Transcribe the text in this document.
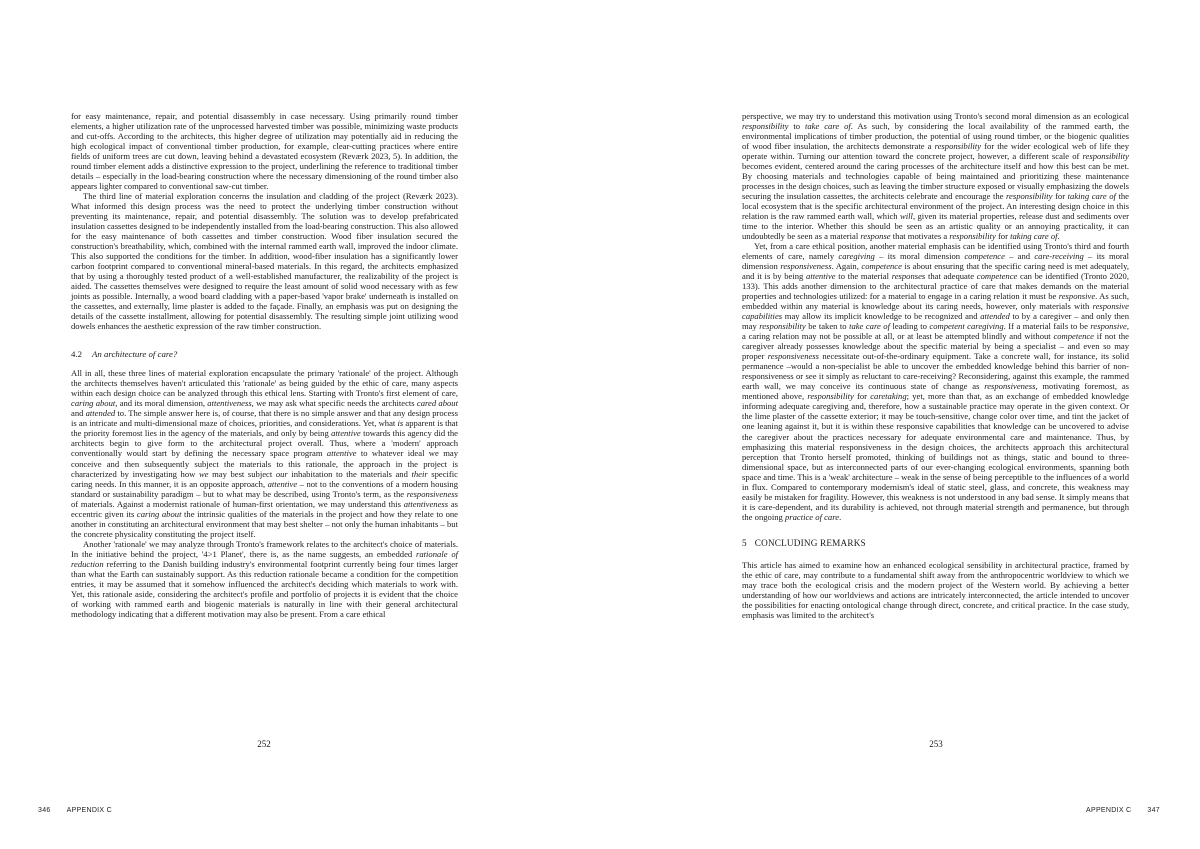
for easy maintenance, repair, and potential disassembly in case necessary. Using primarily round timber elements, a higher utilization rate of the unprocessed harvested timber was possible, minimizing waste products and cut-offs. According to the architects, this higher degree of utilization may potentially aid in reducing the high ecological impact of conventional timber production, for example, clear-cutting practices where entire fields of uniform trees are cut down, leaving behind a devastated ecosystem (Reværk 2023, 5). In addition, the round timber element adds a distinctive expression to the project, underlining the reference to traditional timber details – especially in the load-bearing construction where the necessary dimensioning of the round timber also appears lighter compared to conventional saw-cut timber.

The third line of material exploration concerns the insulation and cladding of the project (Reværk 2023). What informed this design process was the need to protect the underlying timber construction without preventing its maintenance, repair, and potential disassembly. The solution was to develop prefabricated insulation cassettes designed to be independently installed from the load-bearing construction. This also allowed for the easy maintenance of both cassettes and timber construction. Wood fiber insulation secured the construction's breathability, which, combined with the internal rammed earth wall, improved the indoor climate. This also supported the conditions for the timber. In addition, wood-fiber insulation has a significantly lower carbon footprint compared to conventional mineral-based materials. In this regard, the architects emphasized that by using a thoroughly tested product of a well-established manufacturer, the realizability of the project is aided. The cassettes themselves were designed to require the least amount of solid wood necessary with as few joints as possible. Internally, a wood board cladding with a paper-based 'vapor brake' underneath is installed on the cassettes, and externally, lime plaster is added to the façade. Finally, an emphasis was put on designing the details of the cassette installment, allowing for potential disassembly. The resulting simple joint utilizing wood dowels enhances the aesthetic expression of the raw timber construction.

4.2 An architecture of care?

All in all, these three lines of material exploration encapsulate the primary 'rationale' of the project. Although the architects themselves haven't articulated this 'rationale' as being guided by the ethic of care, many aspects within each design choice can be analyzed through this ethical lens. Starting with Tronto's first element of care, caring about, and its moral dimension, attentiveness, we may ask what specific needs the architects cared about and attended to. The simple answer here is, of course, that there is no simple answer and that any design process is an intricate and multi-dimensional maze of choices, priorities, and considerations. Yet, what is apparent is that the priority foremost lies in the agency of the materials, and only by being attentive towards this agency did the architects begin to give form to the architectural project overall. Thus, where a 'modern' approach conventionally would start by defining the necessary space program attentive to whatever ideal we may conceive and then subsequently subject the materials to this rationale, the approach in the project is characterized by investigating how we may best subject our inhabitation to the materials and their specific caring needs. In this manner, it is an opposite approach, attentive – not to the conventions of a modern housing standard or sustainability paradigm – but to what may be described, using Tronto's term, as the responsiveness of materials. Against a modernist rationale of human-first orientation, we may understand this attentiveness as eccentric given its caring about the intrinsic qualities of the materials in the project and how they relate to one another in constituting an architectural environment that may best shelter – not only the human inhabitants – but the concrete physicality constituting the project itself.

Another 'rationale' we may analyze through Tronto's framework relates to the architect's choice of materials. In the initiative behind the project, '4>1 Planet', there is, as the name suggests, an embedded rationale of reduction referring to the Danish building industry's environmental footprint currently being four times larger than what the Earth can sustainably support. As this reduction rationale became a condition for the competition entries, it may be assumed that it somehow influenced the architect's deciding which materials to work with. Yet, this rationale aside, considering the architect's profile and portfolio of projects it is evident that the choice of working with rammed earth and biogenic materials is naturally in line with their general architectural methodology indicating that a different motivation may also be present. From a care ethical

252

perspective, we may try to understand this motivation using Tronto's second moral dimension as an ecological responsibility to take care of. As such, by considering the local availability of the rammed earth, the environmental implications of timber production, the potential of using round timber, or the biogenic qualities of wood fiber insulation, the architects demonstrate a responsibility for the wider ecological web of life they operate within. Turning our attention toward the concrete project, however, a different scale of responsibility becomes evident, centered around the caring processes of the architecture itself and how this best can be met. By choosing materials and technologies capable of being maintained and prioritizing these maintenance processes in the design choices, such as leaving the timber structure exposed or visually emphasizing the dowels securing the insulation cassettes, the architects celebrate and encourage the responsibility for taking care of the local ecosystem that is the specific architectural environment of the project. An interesting design choice in this relation is the raw rammed earth wall, which will, given its material properties, release dust and sediments over time to the interior. Whether this should be seen as an artistic quality or an annoying practicality, it can undoubtedly be seen as a material response that motivates a responsibility for taking care of.

Yet, from a care ethical position, another material emphasis can be identified using Tronto's third and fourth elements of care, namely caregiving – its moral dimension competence – and care-receiving – its moral dimension responsiveness. Again, competence is about ensuring that the specific caring need is met adequately, and it is by being attentive to the material responses that adequate competence can be identified (Tronto 2020, 133). This adds another dimension to the architectural practice of care that makes demands on the material properties and technologies utilized: for a material to engage in a caring relation it must be responsive. As such, embedded within any material is knowledge about its caring needs, however, only materials with responsive capabilities may allow its implicit knowledge to be recognized and attended to by a caregiver – and only then may responsibility be taken to take care of leading to competent caregiving. If a material fails to be responsive, a caring relation may not be possible at all, or at least be attempted blindly and without competence if not the caregiver already possesses knowledge about the specific material by being a specialist – and even so may proper responsiveness necessitate out-of-the-ordinary equipment. Take a concrete wall, for instance, its solid permanence –would a non-specialist be able to uncover the embedded knowledge behind this barrier of non-responsiveness or see it simply as reluctant to care-receiving? Reconsidering, against this example, the rammed earth wall, we may conceive its continuous state of change as responsiveness, motivating foremost, as mentioned above, responsibility for caretaking; yet, more than that, as an exchange of embedded knowledge informing adequate caregiving and, therefore, how a sustainable practice may operate in the given context. Or the lime plaster of the cassette exterior; it may be touch-sensitive, change color over time, and tint the jacket of one leaning against it, but it is within these responsive capabilities that knowledge can be uncovered to advise the caregiver about the practices necessary for adequate environmental care and maintenance. Thus, by emphasizing this material responsiveness in the design choices, the architects approach this architectural perception that Tronto herself promoted, thinking of buildings not as things, static and bound to three-dimensional space, but as interconnected parts of our ever-changing ecological environments, spanning both space and time. This is a 'weak' architecture – weak in the sense of being perceptible to the influences of a world in flux. Compared to contemporary modernism's ideal of static steel, glass, and concrete, this weakness may easily be mistaken for fragility. However, this weakness is not understood in any bad sense. It simply means that it is care-dependent, and its durability is achieved, not through material strength and permanence, but through the ongoing practice of care.

5 CONCLUDING REMARKS

This article has aimed to examine how an enhanced ecological sensibility in architectural practice, framed by the ethic of care, may contribute to a fundamental shift away from the anthropocentric worldview to which we may trace both the ecological crisis and the modern project of the Western world. By achieving a better understanding of how our worldviews and actions are intricately interconnected, the article intended to uncover the possibilities for enacting ontological change through direct, concrete, and critical practice. In the case study, emphasis was limited to the architect's

253
346 APPENDIX C	APPENDIX C 347
